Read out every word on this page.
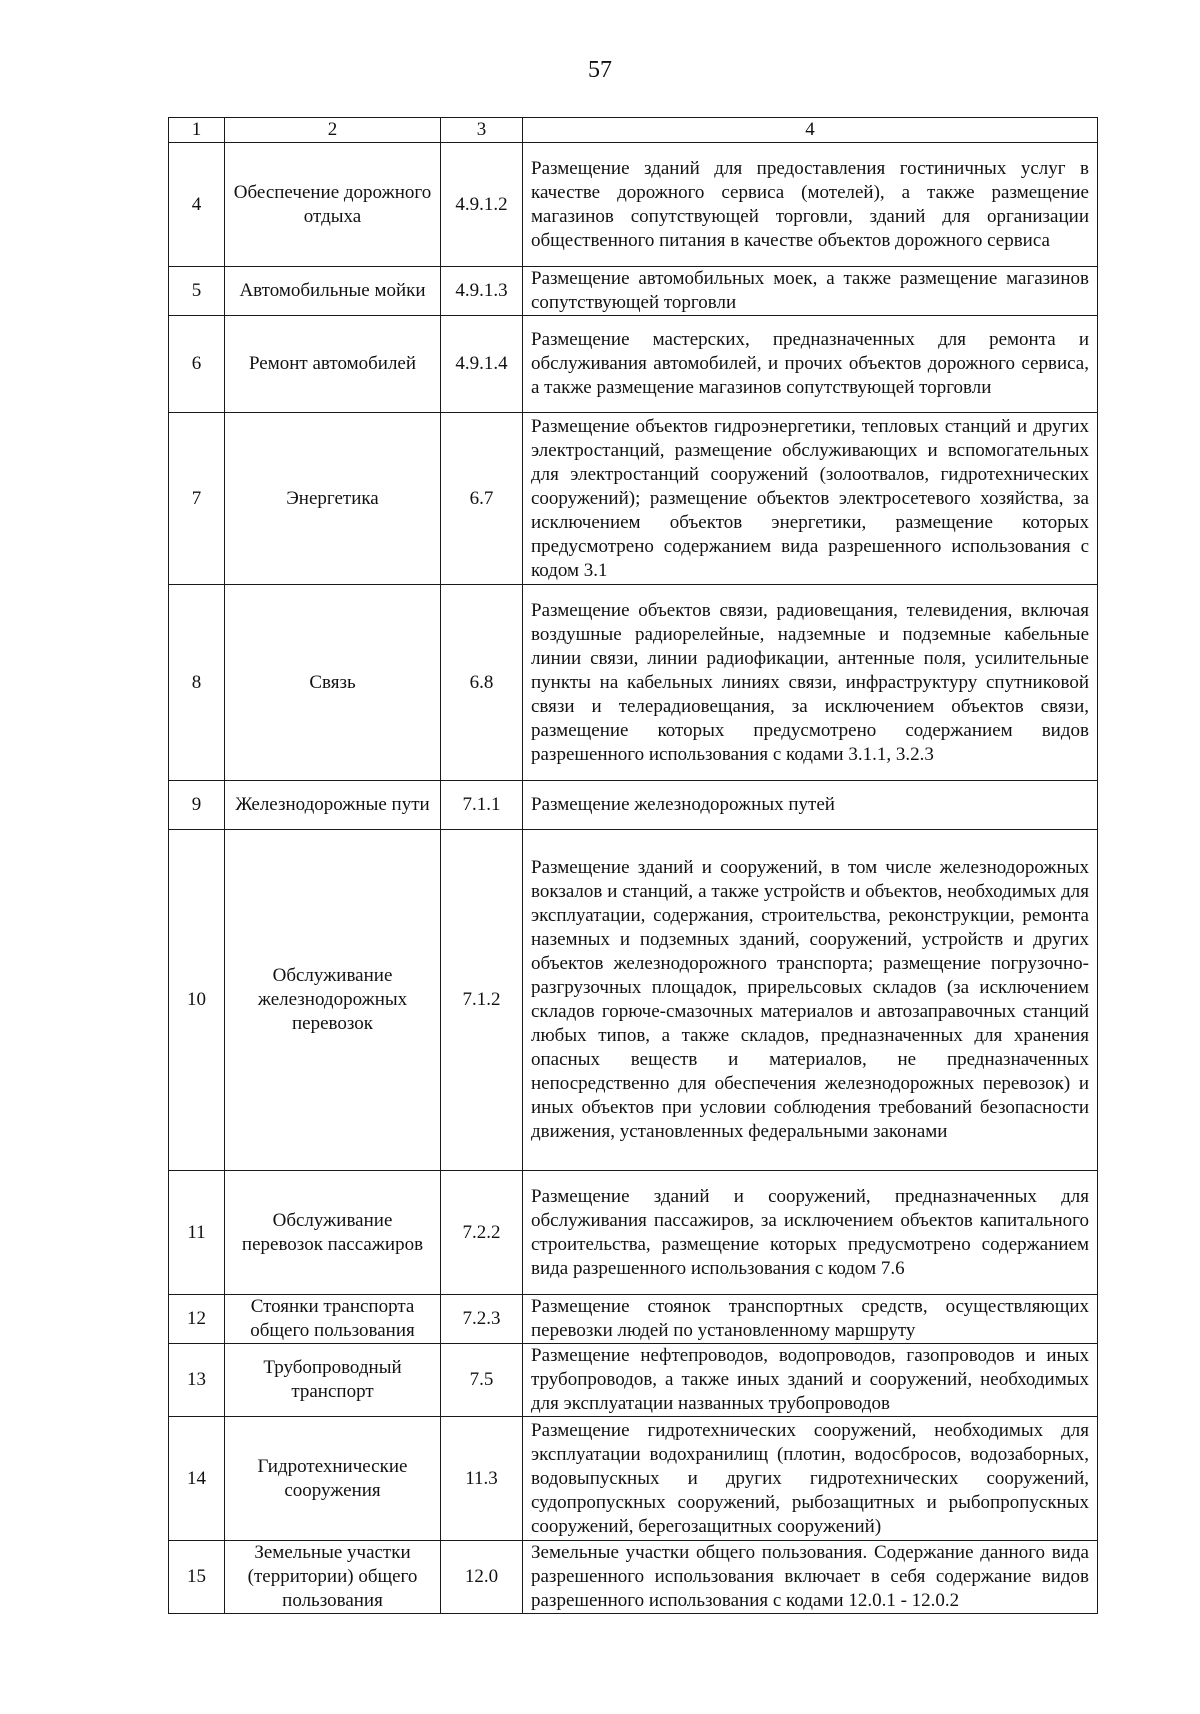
57
1	2	3	4
4	Обеспечение дорожного отдыха	4.9.1.2	Размещение зданий для предоставления гостиничных услуг в качестве дорожного сервиса (мотелей), а также размещение магазинов сопутствующей торговли, зданий для организации общественного питания в качестве объектов дорожного сервиса
5	Автомобильные мойки	4.9.1.3	Размещение автомобильных моек, а также размещение магазинов сопутствующей торговли
6	Ремонт автомобилей	4.9.1.4	Размещение мастерских, предназначенных для ремонта и обслуживания автомобилей, и прочих объектов дорожного сервиса, а также размещение магазинов сопутствующей торговли
7	Энергетика	6.7	Размещение объектов гидроэнергетики, тепловых станций и других электростанций, размещение обслуживающих и вспомогательных для электростанций сооружений (золоотвалов, гидротехнических сооружений); размещение объектов электросетевого хозяйства, за исключением объектов энергетики, размещение которых предусмотрено содержанием вида разрешенного использования с кодом 3.1
8	Связь	6.8	Размещение объектов связи, радиовещания, телевидения, включая воздушные радиорелейные, надземные и подземные кабельные линии связи, линии радиофикации, антенные поля, усилительные пункты на кабельных линиях связи, инфраструктуру спутниковой связи и телерадиовещания, за исключением объектов связи, размещение которых предусмотрено содержанием видов разрешенного использования с кодами 3.1.1, 3.2.3
9	Железнодорожные пути	7.1.1	Размещение железнодорожных путей
10	Обслуживание железнодорожных перевозок	7.1.2	Размещение зданий и сооружений, в том числе железнодорожных вокзалов и станций, а также устройств и объектов, необходимых для эксплуатации, содержания, строительства, реконструкции, ремонта наземных и подземных зданий, сооружений, устройств и других объектов железнодорожного транспорта; размещение погрузочно-разгрузочных площадок, прирельсовых складов (за исключением складов горюче-смазочных материалов и автозаправочных станций любых типов, а также складов, предназначенных для хранения опасных веществ и материалов, не предназначенных непосредственно для обеспечения железнодорожных перевозок) и иных объектов при условии соблюдения требований безопасности движения, установленных федеральными законами
11	Обслуживание перевозок пассажиров	7.2.2	Размещение зданий и сооружений, предназначенных для обслуживания пассажиров, за исключением объектов капитального строительства, размещение которых предусмотрено содержанием вида разрешенного использования с кодом 7.6
12	Стоянки транспорта общего пользования	7.2.3	Размещение стоянок транспортных средств, осуществляющих перевозки людей по установленному маршруту
13	Трубопроводный транспорт	7.5	Размещение нефтепроводов, водопроводов, газопроводов и иных трубопроводов, а также иных зданий и сооружений, необходимых для эксплуатации названных трубопроводов
14	Гидротехнические сооружения	11.3	Размещение гидротехнических сооружений, необходимых для эксплуатации водохранилищ (плотин, водосбросов, водозаборных, водовыпускных и других гидротехнических сооружений, судопропускных сооружений, рыбозащитных и рыбопропускных сооружений, берегозащитных сооружений)
15	Земельные участки (территории) общего пользования	12.0	Земельные участки общего пользования. Содержание данного вида разрешенного использования включает в себя содержание видов разрешенного использования с кодами 12.0.1 - 12.0.2
